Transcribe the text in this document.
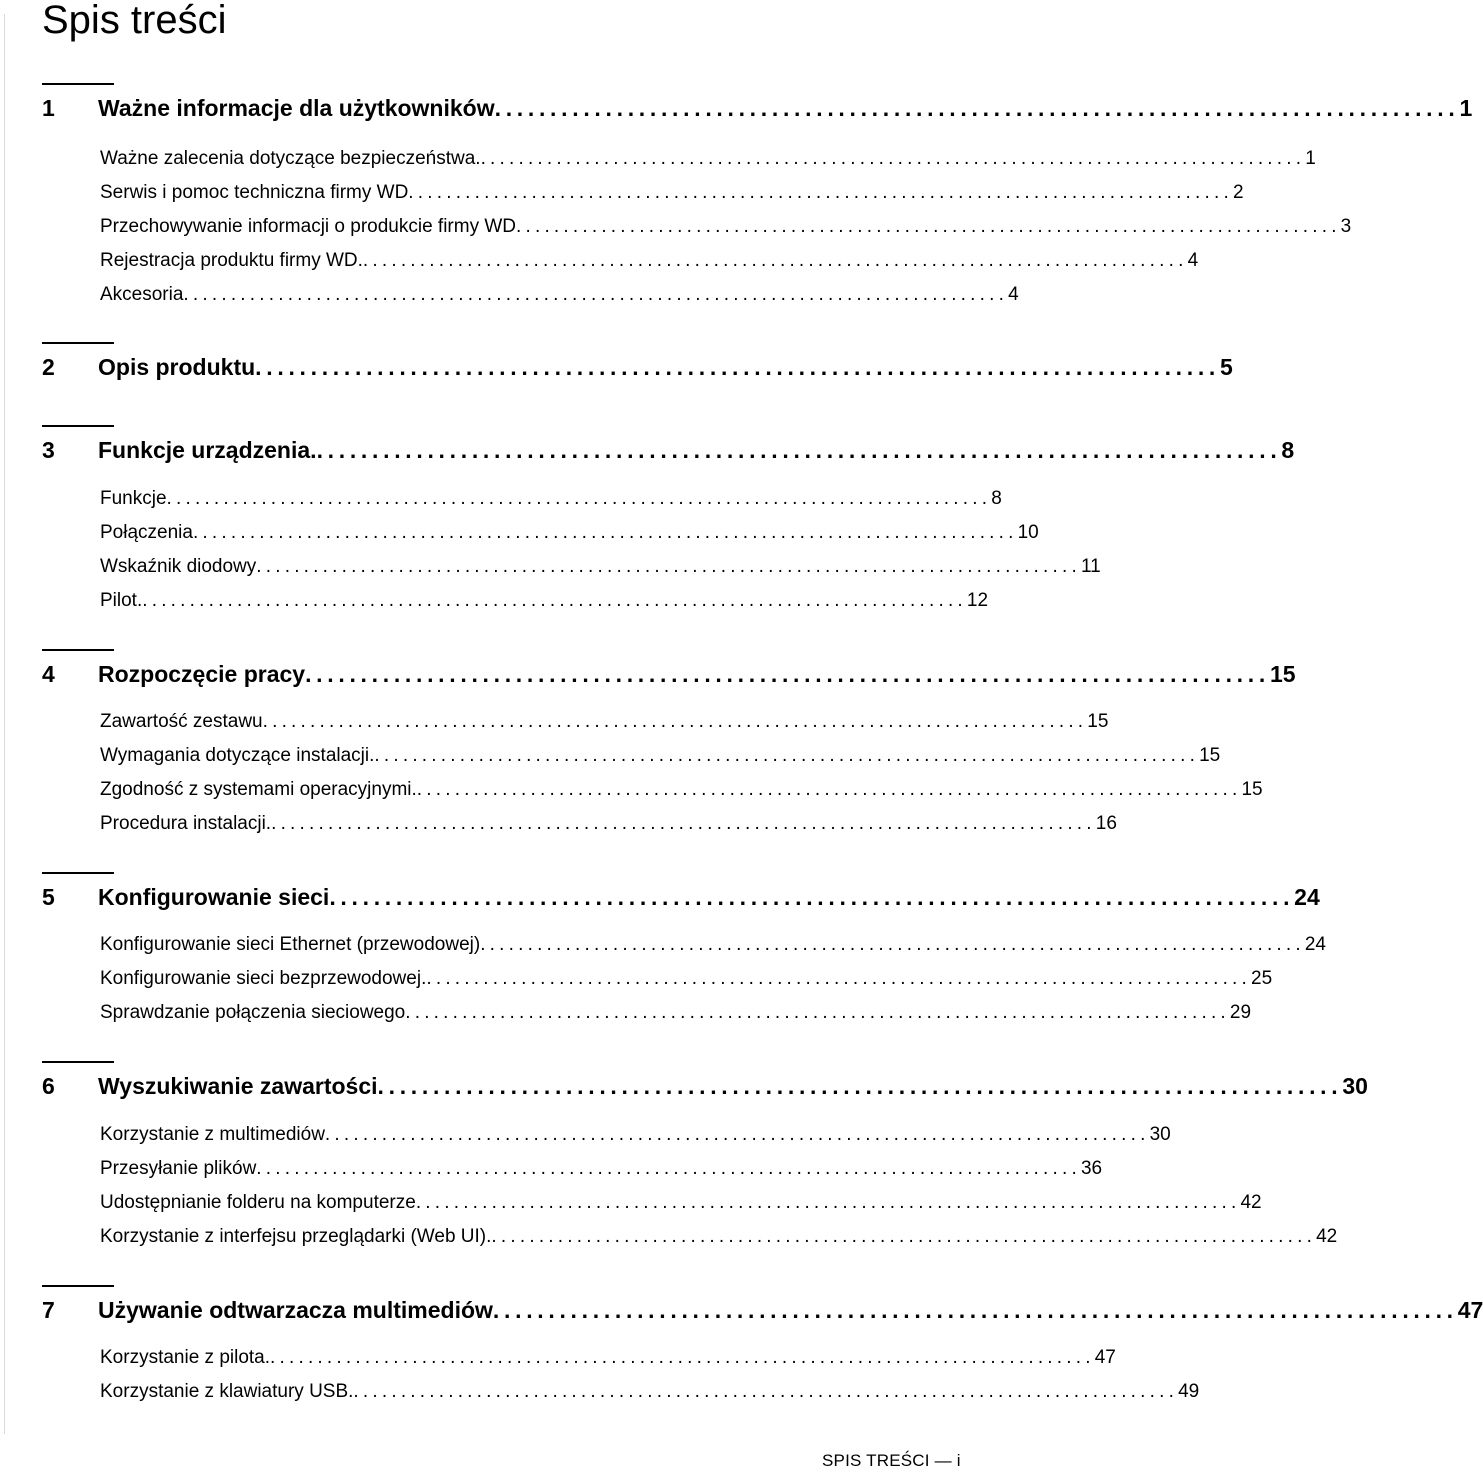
Spis treści
1	Ważne informacje dla użytkowników ....................................................................................... 1
Ważne zalecenia dotyczące bezpieczeństwa. ....................................................................................... 1
Serwis i pomoc techniczna firmy WD ....................................................................................... 2
Przechowywanie informacji o produkcie firmy WD ....................................................................................... 3
Rejestracja produktu firmy WD. ....................................................................................... 4
Akcesoria ....................................................................................... 4
2	Opis produktu ....................................................................................... 5
3	Funkcje urządzenia. ....................................................................................... 8
Funkcje ....................................................................................... 8
Połączenia ....................................................................................... 10
Wskaźnik diodowy ....................................................................................... 11
Pilot. ....................................................................................... 12
4	Rozpoczęcie pracy ....................................................................................... 15
Zawartość zestawu ....................................................................................... 15
Wymagania dotyczące instalacji. ....................................................................................... 15
Zgodność z systemami operacyjnymi. ....................................................................................... 15
Procedura instalacji. ....................................................................................... 16
5	Konfigurowanie sieci ....................................................................................... 24
Konfigurowanie sieci Ethernet (przewodowej) ....................................................................................... 24
Konfigurowanie sieci bezprzewodowej. ....................................................................................... 25
Sprawdzanie połączenia sieciowego ....................................................................................... 29
6	Wyszukiwanie zawartości ....................................................................................... 30
Korzystanie z multimediów ....................................................................................... 30
Przesyłanie plików ....................................................................................... 36
Udostępnianie folderu na komputerze ....................................................................................... 42
Korzystanie z interfejsu przeglądarki (Web UI). ....................................................................................... 42
7	Używanie odtwarzacza multimediów ....................................................................................... 47
Korzystanie z pilota. ....................................................................................... 47
Korzystanie z klawiatury USB. ....................................................................................... 49
SPIS TREŚCI — i
